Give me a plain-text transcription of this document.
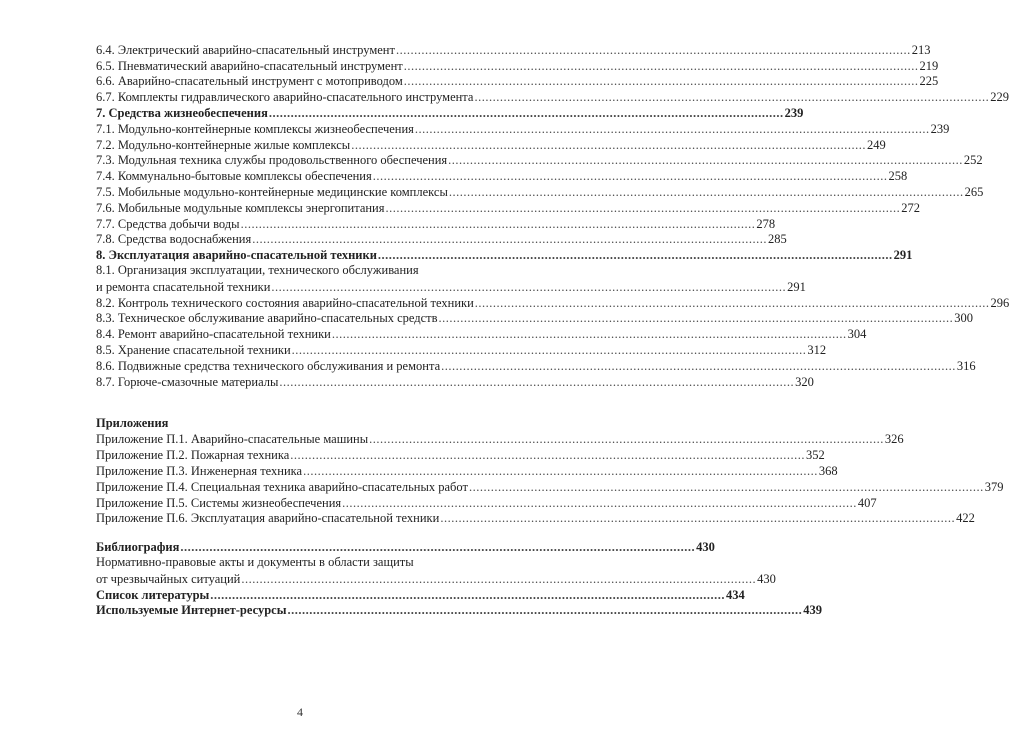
6.4. Электрический аварийно-спасательный инструмент .............................................................................................................................................. 213
6.5. Пневматический аварийно-спасательный инструмент .............................................................................................................................................. 219
6.6. Аварийно-спасательный инструмент с мотоприводом .............................................................................................................................................. 225
6.7. Комплекты гидравлического аварийно-спасательного инструмента .............................................................................................................................................. 229
7. Средства жизнеобеспечения .............................................................................................................................................. 239
7.1. Модульно-контейнерные комплексы жизнеобеспечения .............................................................................................................................................. 239
7.2. Модульно-контейнерные жилые комплексы .............................................................................................................................................. 249
7.3. Модульная техника службы продовольственного обеспечения .............................................................................................................................................. 252
7.4. Коммунально-бытовые комплексы обеспечения .............................................................................................................................................. 258
7.5. Мобильные модульно-контейнерные медицинские комплексы .............................................................................................................................................. 265
7.6. Мобильные модульные комплексы энергопитания .............................................................................................................................................. 272
7.7. Средства добычи воды .............................................................................................................................................. 278
7.8. Средства водоснабжения .............................................................................................................................................. 285
8. Эксплуатация аварийно-спасательной техники .............................................................................................................................................. 291
8.1. Организация эксплуатации, технического обслуживания
и ремонта спасательной техники .............................................................................................................................................. 291
8.2. Контроль технического состояния аварийно-спасательной техники .............................................................................................................................................. 296
8.3. Техническое обслуживание аварийно-спасательных средств .............................................................................................................................................. 300
8.4. Ремонт аварийно-спасательной техники .............................................................................................................................................. 304
8.5. Хранение спасательной техники .............................................................................................................................................. 312
8.6. Подвижные средства технического обслуживания и ремонта .............................................................................................................................................. 316
8.7. Горюче-смазочные материалы .............................................................................................................................................. 320
Приложения
Приложение П.1. Аварийно-спасательные машины .............................................................................................................................................. 326
Приложение П.2. Пожарная техника .............................................................................................................................................. 352
Приложение П.3. Инженерная техника .............................................................................................................................................. 368
Приложение П.4. Специальная техника аварийно-спасательных работ .............................................................................................................................................. 379
Приложение П.5. Системы жизнеобеспечения .............................................................................................................................................. 407
Приложение П.6. Эксплуатация аварийно-спасательной техники .............................................................................................................................................. 422
Библиография .............................................................................................................................................. 430
Нормативно-правовые акты и документы в области защиты
от чрезвычайных ситуаций .............................................................................................................................................. 430
Список литературы .............................................................................................................................................. 434
Используемые Интернет-ресурсы .............................................................................................................................................. 439
4
